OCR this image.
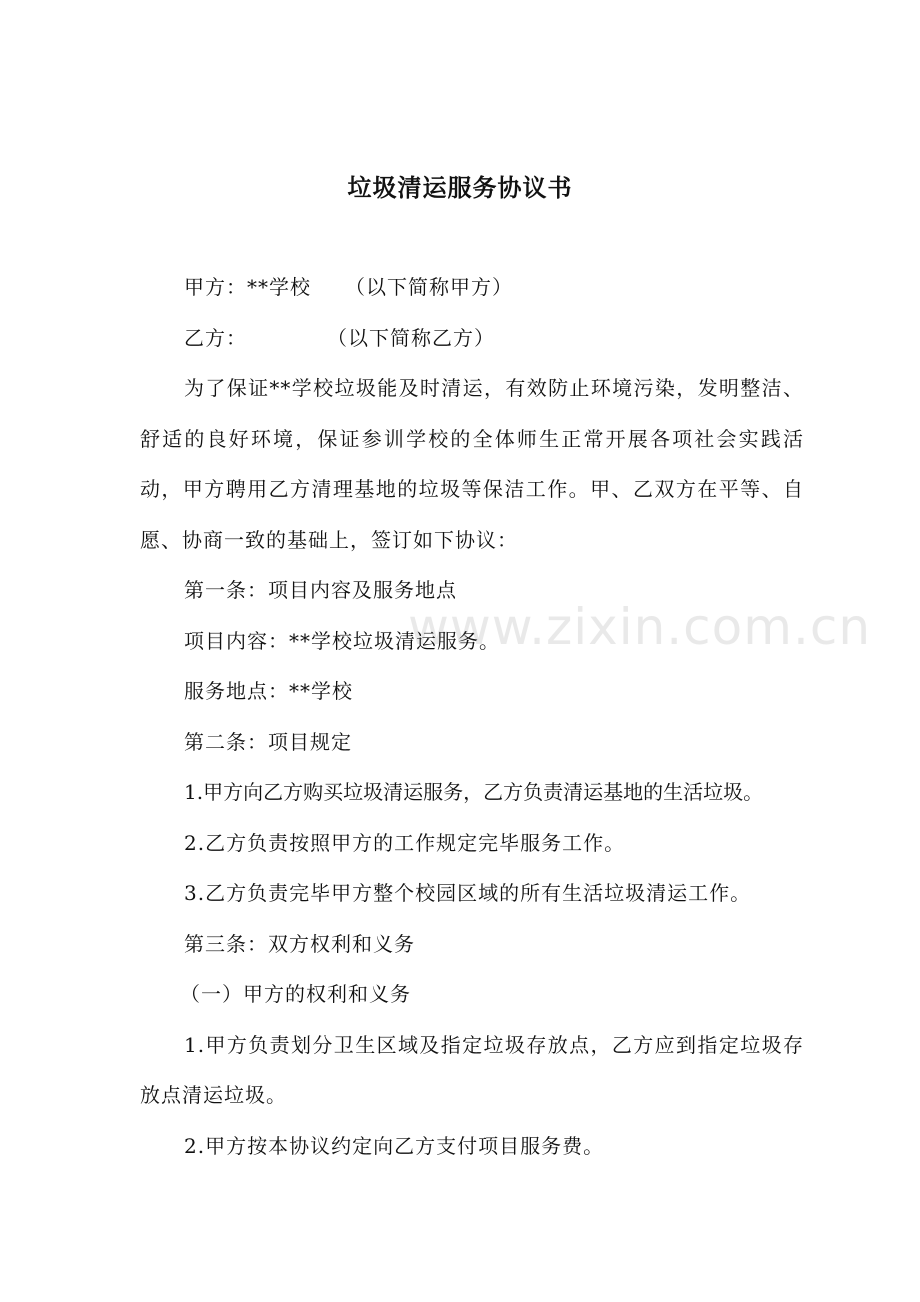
垃圾清运服务协议书

甲方：**学校 （以下简称甲方）

乙方：	（以下简称乙方）

为了保证**学校垃圾能及时清运，有效防止环境污染，发明整洁、舒适的良好环境，保证参训学校的全体师生正常开展各项社会实践活动，甲方聘用乙方清理基地的垃圾等保洁工作。甲、乙双方在平等、自愿、协商一致的基础上，签订如下协议：

第一条：项目内容及服务地点

项目内容：**学校垃圾清运服务。

服务地点：**学校

第二条：项目规定

1.甲方向乙方购买垃圾清运服务，乙方负责清运基地的生活垃圾。

2.乙方负责按照甲方的工作规定完毕服务工作。

3.乙方负责完毕甲方整个校园区域的所有生活垃圾清运工作。

第三条：双方权利和义务

（一）甲方的权利和义务

1.甲方负责划分卫生区域及指定垃圾存放点，乙方应到指定垃圾存放点清运垃圾。

2.甲方按本协议约定向乙方支付项目服务费。

www.zixin.com.cn
